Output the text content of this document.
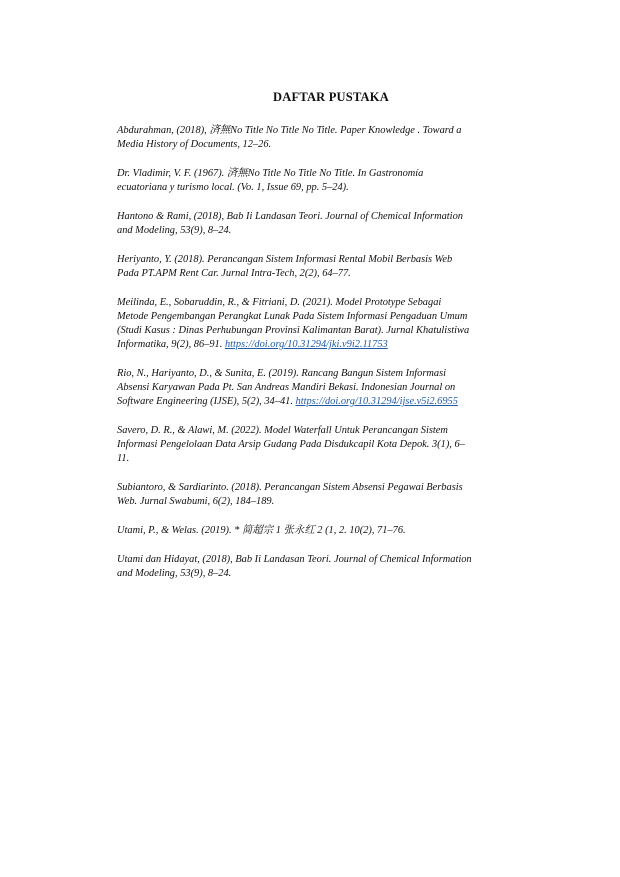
DAFTAR PUSTAKA

Abdurahman, (2018), 済無No Title No Title No Title. Paper Knowledge . Toward a
Media History of Documents, 12–26.

Dr. Vladimir, V. F. (1967). 済無No Title No Title No Title. In Gastronomía
ecuatoriana y turismo local. (Vo. 1, Issue 69, pp. 5–24).

Hantono & Rami, (2018), Bab Ii Landasan Teori. Journal of Chemical Information
and Modeling, 53(9), 8–24.

Heriyanto, Y. (2018). Perancangan Sistem Informasi Rental Mobil Berbasis Web
Pada PT.APM Rent Car. Jurnal Intra-Tech, 2(2), 64–77.

Meilinda, E., Sobaruddin, R., & Fitriani, D. (2021). Model Prototype Sebagai
Metode Pengembangan Perangkat Lunak Pada Sistem Informasi Pengaduan Umum
(Studi Kasus : Dinas Perhubungan Provinsi Kalimantan Barat). Jurnal Khatulistiwa
Informatika, 9(2), 86–91. https://doi.org/10.31294/jki.v9i2.11753

Rio, N., Hariyanto, D., & Sunita, E. (2019). Rancang Bangun Sistem Informasi
Absensi Karyawan Pada Pt. San Andreas Mandiri Bekasi. Indonesian Journal on
Software Engineering (IJSE), 5(2), 34–41. https://doi.org/10.31294/ijse.v5i2.6955

Savero, D. R., & Alawi, M. (2022). Model Waterfall Untuk Perancangan Sistem
Informasi Pengelolaan Data Arsip Gudang Pada Disdukcapil Kota Depok. 3(1), 6–
11.

Subiantoro, & Sardiarinto. (2018). Perancangan Sistem Absensi Pegawai Berbasis
Web. Jurnal Swabumi, 6(2), 184–189.

Utami, P., & Welas. (2019). * 简超宗 1 张永红 2 (1, 2. 10(2), 71–76.

Utami dan Hidayat, (2018), Bab Ii Landasan Teori. Journal of Chemical Information
and Modeling, 53(9), 8–24.
